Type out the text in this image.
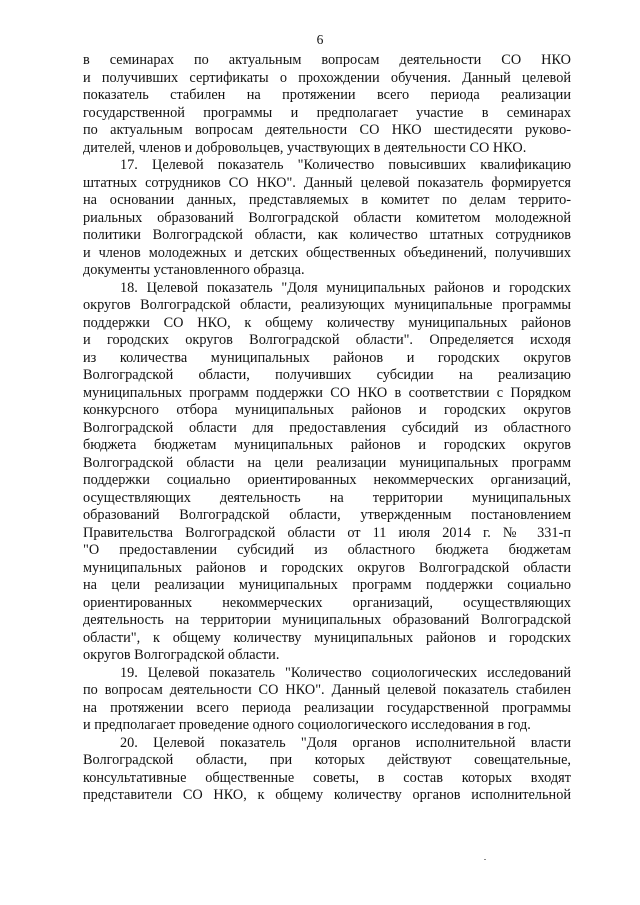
6

в семинарах по актуальным вопросам деятельности СО НКО

и получивших сертификаты о прохождении обучения. Данный целевой

показатель стабилен на протяжении всего периода реализации

государственной программы и предполагает участие в семинарах

по актуальным вопросам деятельности СО НКО шестидесяти руково-

дителей, членов и добровольцев, участвующих в деятельности СО НКО.

17. Целевой показатель "Количество повысивших квалификацию

штатных сотрудников СО НКО". Данный целевой показатель формируется

на основании данных, представляемых в комитет по делам террито-

риальных образований Волгоградской области комитетом молодежной

политики Волгоградской области, как количество штатных сотрудников

и членов молодежных и детских общественных объединений, получивших

документы установленного образца.

18. Целевой показатель "Доля муниципальных районов и городских

округов Волгоградской области, реализующих муниципальные программы

поддержки СО НКО, к общему количеству муниципальных районов

и городских округов Волгоградской области". Определяется исходя

из количества муниципальных районов и городских округов

Волгоградской области, получивших субсидии на реализацию

муниципальных программ поддержки СО НКО в соответствии с Порядком

конкурсного отбора муниципальных районов и городских округов

Волгоградской области для предоставления субсидий из областного

бюджета бюджетам муниципальных районов и городских округов

Волгоградской области на цели реализации муниципальных программ

поддержки социально ориентированных некоммерческих организаций,

осуществляющих деятельность на территории муниципальных

образований Волгоградской области, утвержденным постановлением

Правительства Волгоградской области от 11 июля 2014 г. № 331-п

"О предоставлении субсидий из областного бюджета бюджетам

муниципальных районов и городских округов Волгоградской области

на цели реализации муниципальных программ поддержки социально

ориентированных некоммерческих организаций, осуществляющих

деятельность на территории муниципальных образований Волгоградской

области", к общему количеству муниципальных районов и городских

округов Волгоградской области.

19. Целевой показатель "Количество социологических исследований

по вопросам деятельности СО НКО". Данный целевой показатель стабилен

на протяжении всего периода реализации государственной программы

и предполагает проведение одного социологического исследования в год.

20. Целевой показатель "Доля органов исполнительной власти

Волгоградской области, при которых действуют совещательные,

консультативные общественные советы, в состав которых входят

представители СО НКО, к общему количеству органов исполнительной
